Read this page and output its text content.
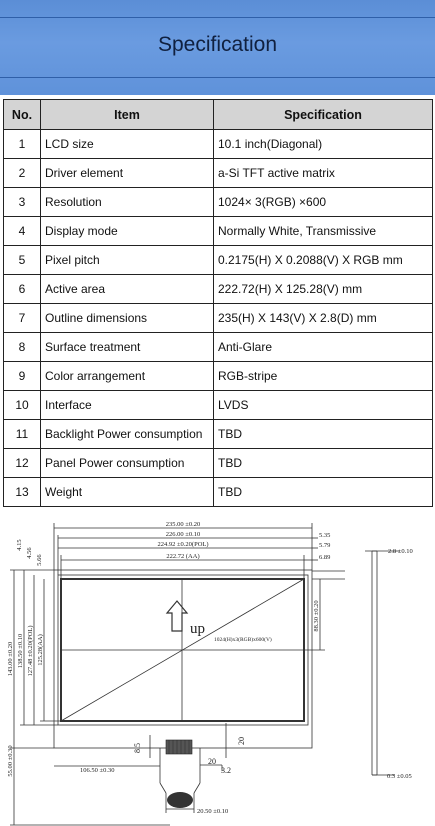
Specification
No.	Item	Specification
1	LCD size	10.1 inch(Diagonal)
2	Driver element	a-Si TFT active matrix
3	Resolution	1024× 3(RGB) ×600
4	Display mode	Normally White, Transmissive
5	Pixel pitch	0.2175(H) X 0.2088(V) X RGB mm
6	Active area	222.72(H) X 125.28(V) mm
7	Outline dimensions	235(H) X 143(V) X 2.8(D) mm
8	Surface treatment	Anti-Glare
9	Color arrangement	RGB-stripe
10	Interface	LVDS
11	Backlight Power consumption	TBD
12	Panel Power consumption	TBD
13	Weight	TBD
235.00 ±0.20
226.00 ±0.10
224.92 ±0.20(POL)
222.72 (AA)
5.35
5.79
6.89
4.15
4.56
5.66
143.00 ±0.20 138.50 ±0.10 127.48 ±0.20(POL) 125.28(AA)
55.00 ±0.30
88.30 ±0.20
2.8 ±0.10
0.3 ±0.05
up
1024(H)x3(RGB)x600(V)
8.5
20
20
3.2
106.50 ±0.30
20.50 ±0.10
